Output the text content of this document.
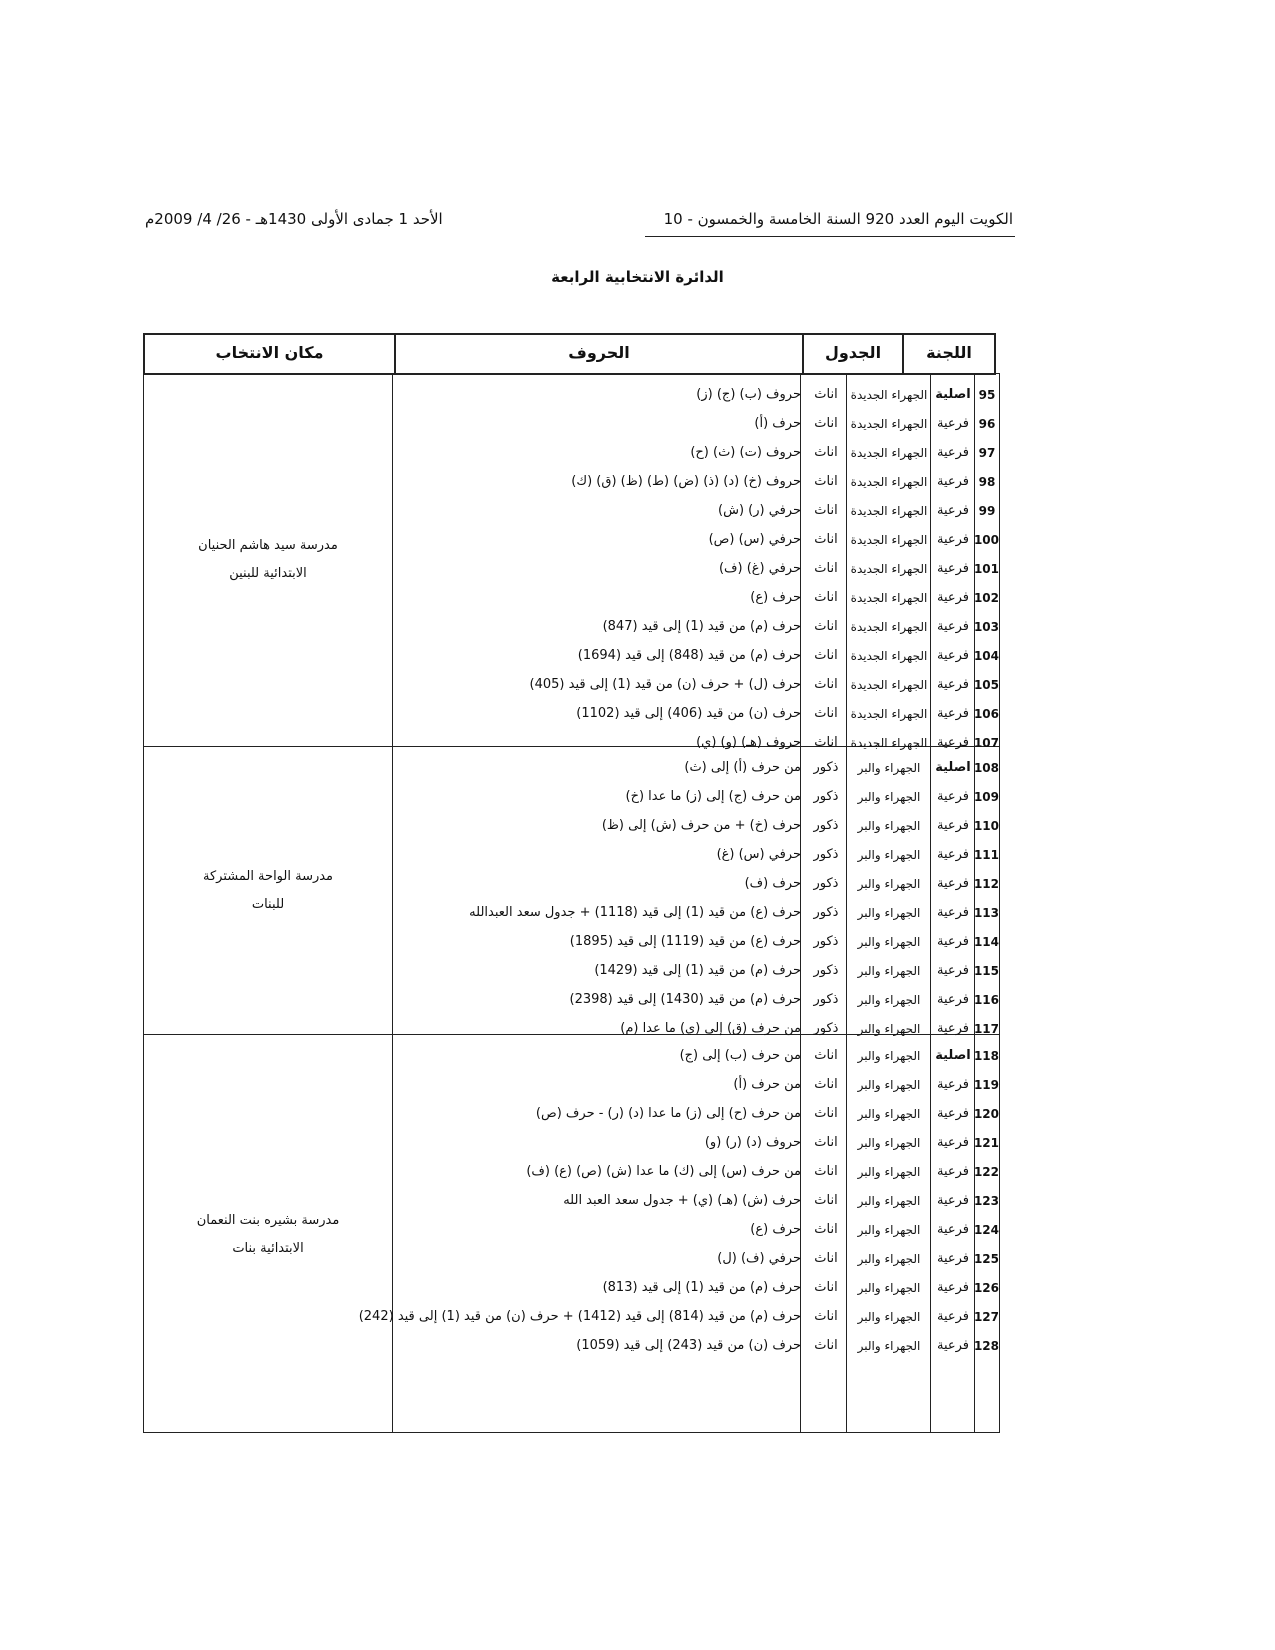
الكويت اليوم العدد 920 السنة الخامسة والخمسون - 10
الأحد 1 جمادى الأولى 1430هـ - 26/ 4/ 2009م
الدائرة الانتخابية الرابعة
اللجنة
الجدول
الحروف
مكان الانتخاب
مدرسة سيد هاشم الحنيان
الابتدائية للبنين
95
اصلية
الجهراء الجديدة
اناث
حروف (ب) (ج) (ز)
96
فرعية
الجهراء الجديدة
اناث
حرف (أ)
97
فرعية
الجهراء الجديدة
اناث
حروف (ت) (ث) (ح)
98
فرعية
الجهراء الجديدة
اناث
حروف (خ) (د) (ذ) (ض) (ط) (ظ) (ق) (ك)
99
فرعية
الجهراء الجديدة
اناث
حرفي (ر) (ش)
100
فرعية
الجهراء الجديدة
اناث
حرفي (س) (ص)
101
فرعية
الجهراء الجديدة
اناث
حرفي (غ) (ف)
102
فرعية
الجهراء الجديدة
اناث
حرف (ع)
103
فرعية
الجهراء الجديدة
اناث
حرف (م) من قيد (1) إلى قيد (847)
104
فرعية
الجهراء الجديدة
اناث
حرف (م) من قيد (848) إلى قيد (1694)
105
فرعية
الجهراء الجديدة
اناث
حرف (ل) + حرف (ن) من قيد (1) إلى قيد (405)
106
فرعية
الجهراء الجديدة
اناث
حرف (ن) من قيد (406) إلى قيد (1102)
107
فرعية
الجهراء الجديدة
اناث
حروف (هـ) (و) (ي)
مدرسة الواحة المشتركة
للبنات
108
اصلية
الجهراء والبر
ذكور
من حرف (أ) إلى (ث)
109
فرعية
الجهراء والبر
ذكور
من حرف (ج) إلى (ز) ما عدا (خ)
110
فرعية
الجهراء والبر
ذكور
حرف (خ) + من حرف (ش) إلى (ظ)
111
فرعية
الجهراء والبر
ذكور
حرفي (س) (غ)
112
فرعية
الجهراء والبر
ذكور
حرف (ف)
113
فرعية
الجهراء والبر
ذكور
حرف (ع) من قيد (1) إلى قيد (1118) + جدول سعد العبدالله
114
فرعية
الجهراء والبر
ذكور
حرف (ع) من قيد (1119) إلى قيد (1895)
115
فرعية
الجهراء والبر
ذكور
حرف (م) من قيد (1) إلى قيد (1429)
116
فرعية
الجهراء والبر
ذكور
حرف (م) من قيد (1430) إلى قيد (2398)
117
فرعية
الجهراء والبر
ذكور
من حرف (ق) إلى (ي) ما عدا (م)
مدرسة بشيره بنت النعمان
الابتدائية بنات
118
اصلية
الجهراء والبر
اناث
من حرف (ب) إلى (ج)
119
فرعية
الجهراء والبر
اناث
من حرف (أ)
120
فرعية
الجهراء والبر
اناث
من حرف (ح) إلى (ز) ما عدا (د) (ر) - حرف (ص)
121
فرعية
الجهراء والبر
اناث
حروف (د) (ر) (و)
122
فرعية
الجهراء والبر
اناث
من حرف (س) إلى (ك) ما عدا (ش) (ص) (ع) (ف)
123
فرعية
الجهراء والبر
اناث
حرف (ش) (هـ) (ي) + جدول سعد العبد الله
124
فرعية
الجهراء والبر
اناث
حرف (ع)
125
فرعية
الجهراء والبر
اناث
حرفي (ف) (ل)
126
فرعية
الجهراء والبر
اناث
حرف (م) من قيد (1) إلى قيد (813)
127
فرعية
الجهراء والبر
اناث
حرف (م) من قيد (814) إلى قيد (1412) + حرف (ن) من قيد (1) إلى قيد (242)
128
فرعية
الجهراء والبر
اناث
حرف (ن) من قيد (243) إلى قيد (1059)
